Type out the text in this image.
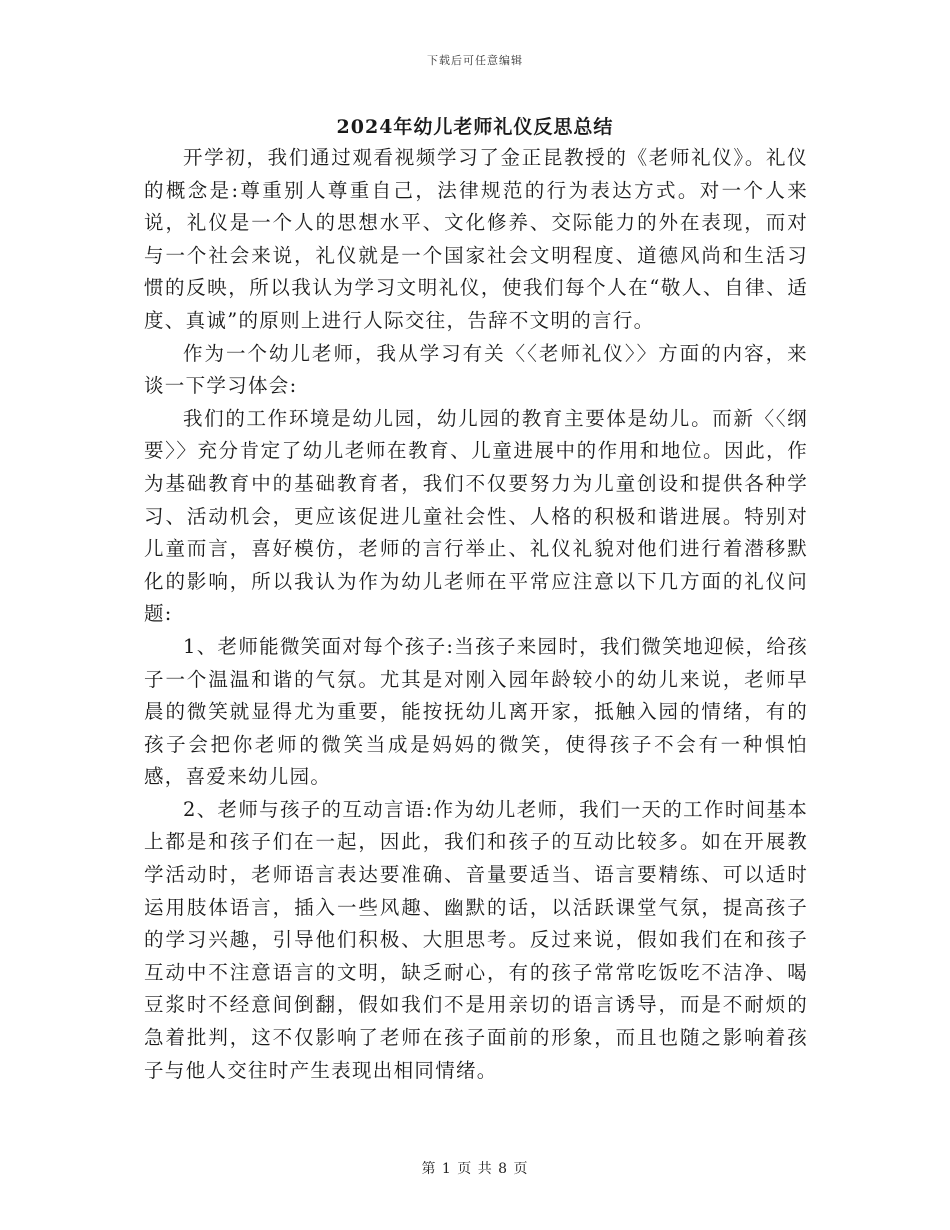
下载后可任意编辑
2024年幼儿老师礼仪反思总结

开学初，我们通过观看视频学习了金正昆教授的《老师礼仪》。礼仪的概念是:尊重别人尊重自己，法律规范的行为表达方式。对一个人来说，礼仪是一个人的思想水平、文化修养、交际能力的外在表现，而对与一个社会来说，礼仪就是一个国家社会文明程度、道德风尚和生活习惯的反映，所以我认为学习文明礼仪，使我们每个人在“敬人、自律、适度、真诚”的原则上进行人际交往，告辞不文明的言行。

作为一个幼儿老师，我从学习有关〈〈老师礼仪〉〉方面的内容，来谈一下学习体会:

我们的工作环境是幼儿园，幼儿园的教育主要体是幼儿。而新〈〈纲要〉〉充分肯定了幼儿老师在教育、儿童进展中的作用和地位。因此，作为基础教育中的基础教育者，我们不仅要努力为儿童创设和提供各种学习、活动机会，更应该促进儿童社会性、人格的积极和谐进展。特别对儿童而言，喜好模仿，老师的言行举止、礼仪礼貌对他们进行着潜移默化的影响，所以我认为作为幼儿老师在平常应注意以下几方面的礼仪问题:

1、老师能微笑面对每个孩子:当孩子来园时，我们微笑地迎候，给孩子一个温温和谐的气氛。尤其是对刚入园年龄较小的幼儿来说，老师早晨的微笑就显得尤为重要，能按抚幼儿离开家，抵触入园的情绪，有的孩子会把你老师的微笑当成是妈妈的微笑，使得孩子不会有一种惧怕感，喜爱来幼儿园。

2、老师与孩子的互动言语:作为幼儿老师，我们一天的工作时间基本上都是和孩子们在一起，因此，我们和孩子的互动比较多。如在开展教学活动时，老师语言表达要准确、音量要适当、语言要精练、可以适时运用肢体语言，插入一些风趣、幽默的话，以活跃课堂气氛，提高孩子的学习兴趣，引导他们积极、大胆思考。反过来说，假如我们在和孩子互动中不注意语言的文明，缺乏耐心，有的孩子常常吃饭吃不洁净、喝豆浆时不经意间倒翻，假如我们不是用亲切的语言诱导，而是不耐烦的急着批判，这不仅影响了老师在孩子面前的形象，而且也随之影响着孩子与他人交往时产生表现出相同情绪。

第 1 页 共 8 页
